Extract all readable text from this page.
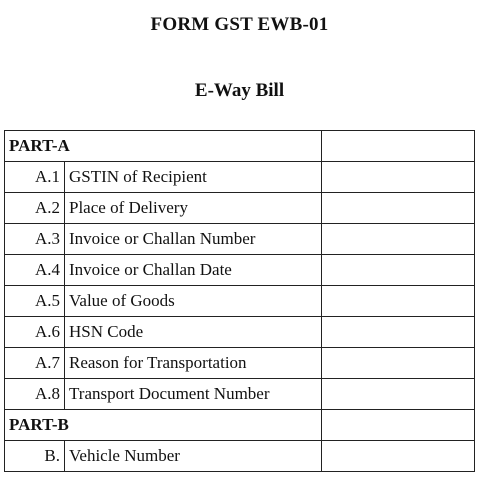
FORM GST EWB-01
E-Way Bill
PART-A		
A.1	GSTIN of Recipient	
A.2	Place of Delivery	
A.3	Invoice or Challan Number	
A.4	Invoice or Challan Date	
A.5	Value of Goods	
A.6	HSN Code	
A.7	Reason for Transportation	
A.8	Transport Document Number	
PART-B		
B.	Vehicle Number	
